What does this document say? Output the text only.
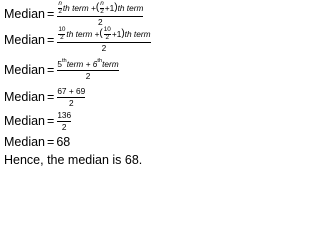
Median = $\frac{n}{2}$ th term + ( $\frac{n}{2} +1$ ) th term
2
Median = $\frac{10}{2}$ th term + ( $\frac{10}{2} +1$ ) th term
2
Median = $\frac{\text{5 th term + 6 th term}}{2}$
Median = $\frac{67 + 69}{2}$
Median = $\frac{136}{2}$
Median = 68
Hence, the median is 68.
